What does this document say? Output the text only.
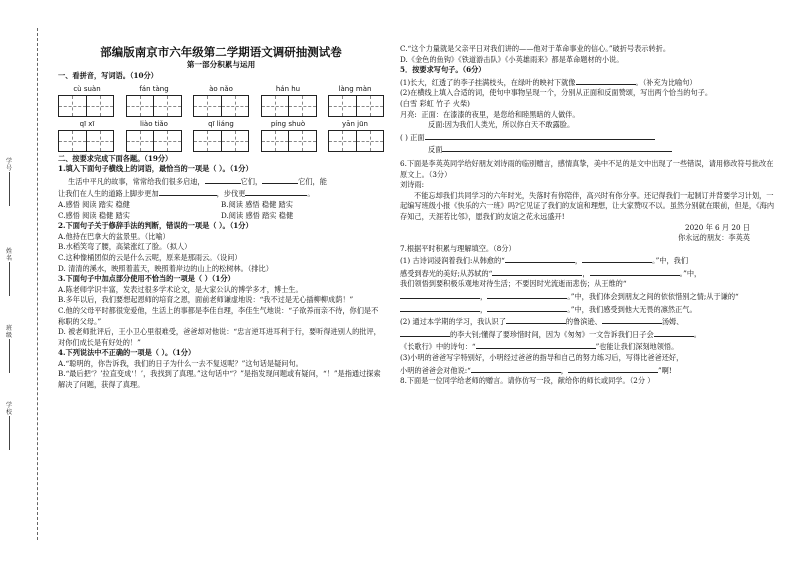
学号
姓名
班级
学校
部编版南京市六年级第二学期语文调研抽测试卷
第一部分积累与运用
一、看拼音，写词语。（10分）
cù suàn	fán tàng	ào nǎo	hán hu	làng màn
qī xī	liào tiǎo	qī liáng	píng shuò	yān jūn
二、按要求完成下面各题。（19分）
1.填入下面句子横线上的词语，最恰当的一项是（ ）。（1分）
生活中平凡的故事，常常给我们很多启迪，	它们，	它们，能
让我们在人生的道路上脚步更加	，步伐更	。
A.感悟 阅读 踏实 稳健	B.阅读 感悟 稳健 踏实
C.感悟 阅读 稳健 踏实	D.阅读 感悟 踏实 稳健
2.下面句子关于修辞手法的判断，错误的一项是（ ）。（1分）
A.他持在巴拿大的盆景里。（比喻）
B.水稻笑弯了腰，高粱涨红了脸。（拟人）
C.这种像桶团似的云是什么云呢，原来是那雨云。（设问）
D. 清清的溪水，映照着蓝天，映照着岸边的山上的松树林。（排比）
3.下面句子中加点部分使用不恰当的一项是（ ）（1分）
A.陈老师学识丰富，发表过很多学术论文，是大家公认的博学多才，博士生。
B.多年以后，我们要想起恩师的培育之恩，面前老师谦虚地说：“我不过是无心插柳柳成荫！”
C.他的父母平时都很宠爱他，生活上的事都是李佳自理，李佳生气地说：“子欲养而亲不待，你们是不称职的父母。”
D. 被老师批评后，王小卫心里很难受，爸爸却对他说：“忠言逆耳进耳利于行，要听得进别人的批评，对你们成长是有好处的！”
4.下列说法中不正确的一项是（ ）。（1分）
A.“聪明的，你告诉我，我们的日子为什么一去不复返呢？”这句话是疑问句。
B.“最后把‘？’拉直变成‘！’，我找到了真理。”这句话中“？”是指发现问题或有疑问，“！”是指通过探索解决了问题，获得了真理。
C.“这个力量就是父亲平日对我们讲的——他对于革命事业的信心。”破折号表示转折。
D.《金色的鱼钩》《铁道游击队》《小英雄雨来》都是革命题材的小说。
5．按要求写句子。（6分）
(1)长大，红透了的李子挂满枝头，在绿叶的映衬下就像	。（补充为比喻句）
(2)在横线上填入合适的词，使句中事物呈现一个，分别从正面和反面赞颂，写出两个恰当的句子。
(白雪 彩虹 竹子 火柴)
月亮: 正面：在漆漆的夜里，是您给和睦黑暗的人做伴。
反面:因为我们人类光，所以你白天不敢露脸。
( ) 正面
反面
6.下面是李英英同学给好朋友刘诗雨的临别赠言，感情真挚，美中不足的是文中出现了一些错误，请用修改符号批改在原文上。（3分）
刘诗雨:
不能忘却我们共同学习的六年时光，失落时有你陪伴，高兴时有你分享。还记得我们一起制订并背要学习计划，一起编写班级小报《快乐的六一班》吗?它见证了我们的友谊和理想，让大家赞叹不以。虽然分别就在眼前，但是，《海内存知己，天涯若比邻》，愿我们的友谊之花永远盛开!
2020 年 6 月 20 日
你永远的朋友：李英英
7.根据平时积累与理解填空。（8分）
(1) 古诗词浸润着我们:从韩愈的“	，	。”中，我们
感受到春光的美好;从苏轼的“	，	。”中，
我们领悟到要积极乐观地对待生活；不要因时光流逝而悲伤；从王维的“
，	。”中，我们体会到朋友之间的依依惜别之情;从于谦的“
，	。”中，我们感受到他大无畏的凛然正气。
(2) 通过本学期的学习，我认识了	的鲁滨逊、	汤姆、
的李大钊;懂得了要珍惜时间，因为《匆匆》一文告诉我们日子会	。
《长歌行》中的诗句：“	”也能让我们深刻地领悟。
(3)小明的爸爸写字特别好，小明经过爸爸的指导和自己的努力练习后，写得比爸爸还好，
小明的爸爸会对他说:“	，	”啊!
8.下面是一位同学给老师的赠言。请你仿写一段，献给你的师长或同学。（2分 ）
